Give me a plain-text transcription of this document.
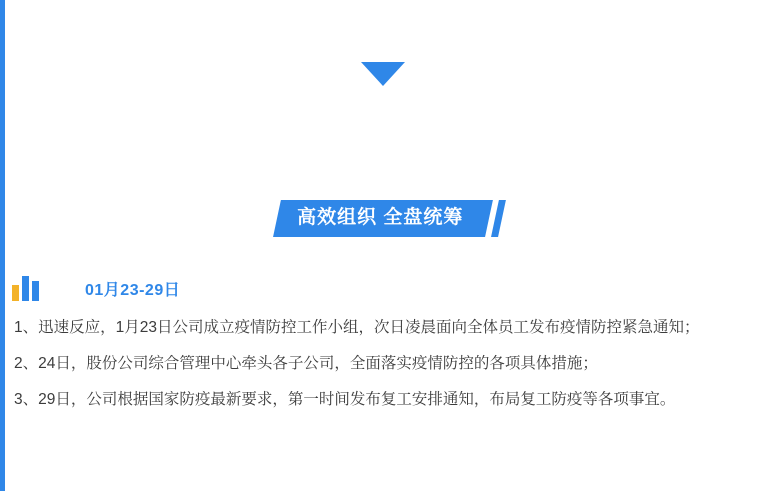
高效组织 全盘统筹
01月23-29日

1、迅速反应，1月23日公司成立疫情防控工作小组，次日凌晨面向全体员工发布疫情防控紧急通知；

2、24日，股份公司综合管理中心牵头各子公司，全面落实疫情防控的各项具体措施；

3、29日，公司根据国家防疫最新要求，第一时间发布复工安排通知，布局复工防疫等各项事宜。
